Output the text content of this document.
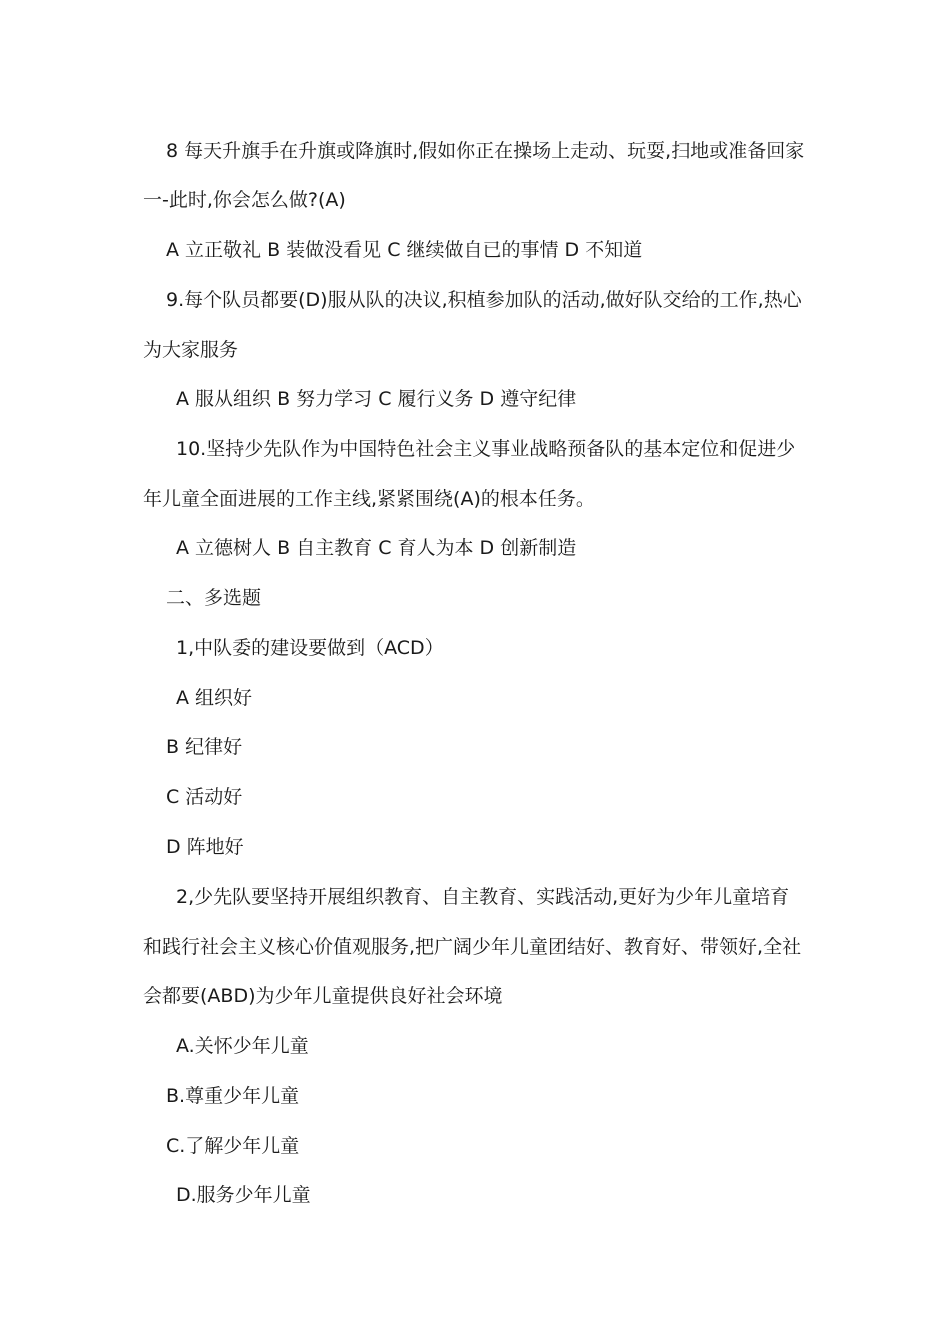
8 每天升旗手在升旗或降旗时,假如你正在操场上走动、玩耍,扫地或准备回家
一-此时,你会怎么做?(A)
A 立正敬礼 B 装做没看见 C 继续做自已的事情 D 不知道
9.每个队员都要(D)服从队的决议,积植参加队的活动,做好队交给的工作,热心
为大家服务
A 服从组织 B 努力学习 C 履行义务 D 遵守纪律
10.坚持少先队作为中国特色社会主义事业战略预备队的基本定位和促进少
年儿童全面进展的工作主线,紧紧围绕(A)的根本任务。
A 立德树人 B 自主教育 C 育人为本 D 创新制造
二、多选题
1,中队委的建设要做到（ACD）
A 组织好
B 纪律好
C 活动好
D 阵地好
2,少先队要坚持开展组织教育、自主教育、实践活动,更好为少年儿童培育
和践行社会主义核心价值观服务,把广阔少年儿童团结好、教育好、带领好,全社
会都要(ABD)为少年儿童提供良好社会环境
A.关怀少年儿童
B.尊重少年儿童
C.了解少年儿童
D.服务少年儿童
